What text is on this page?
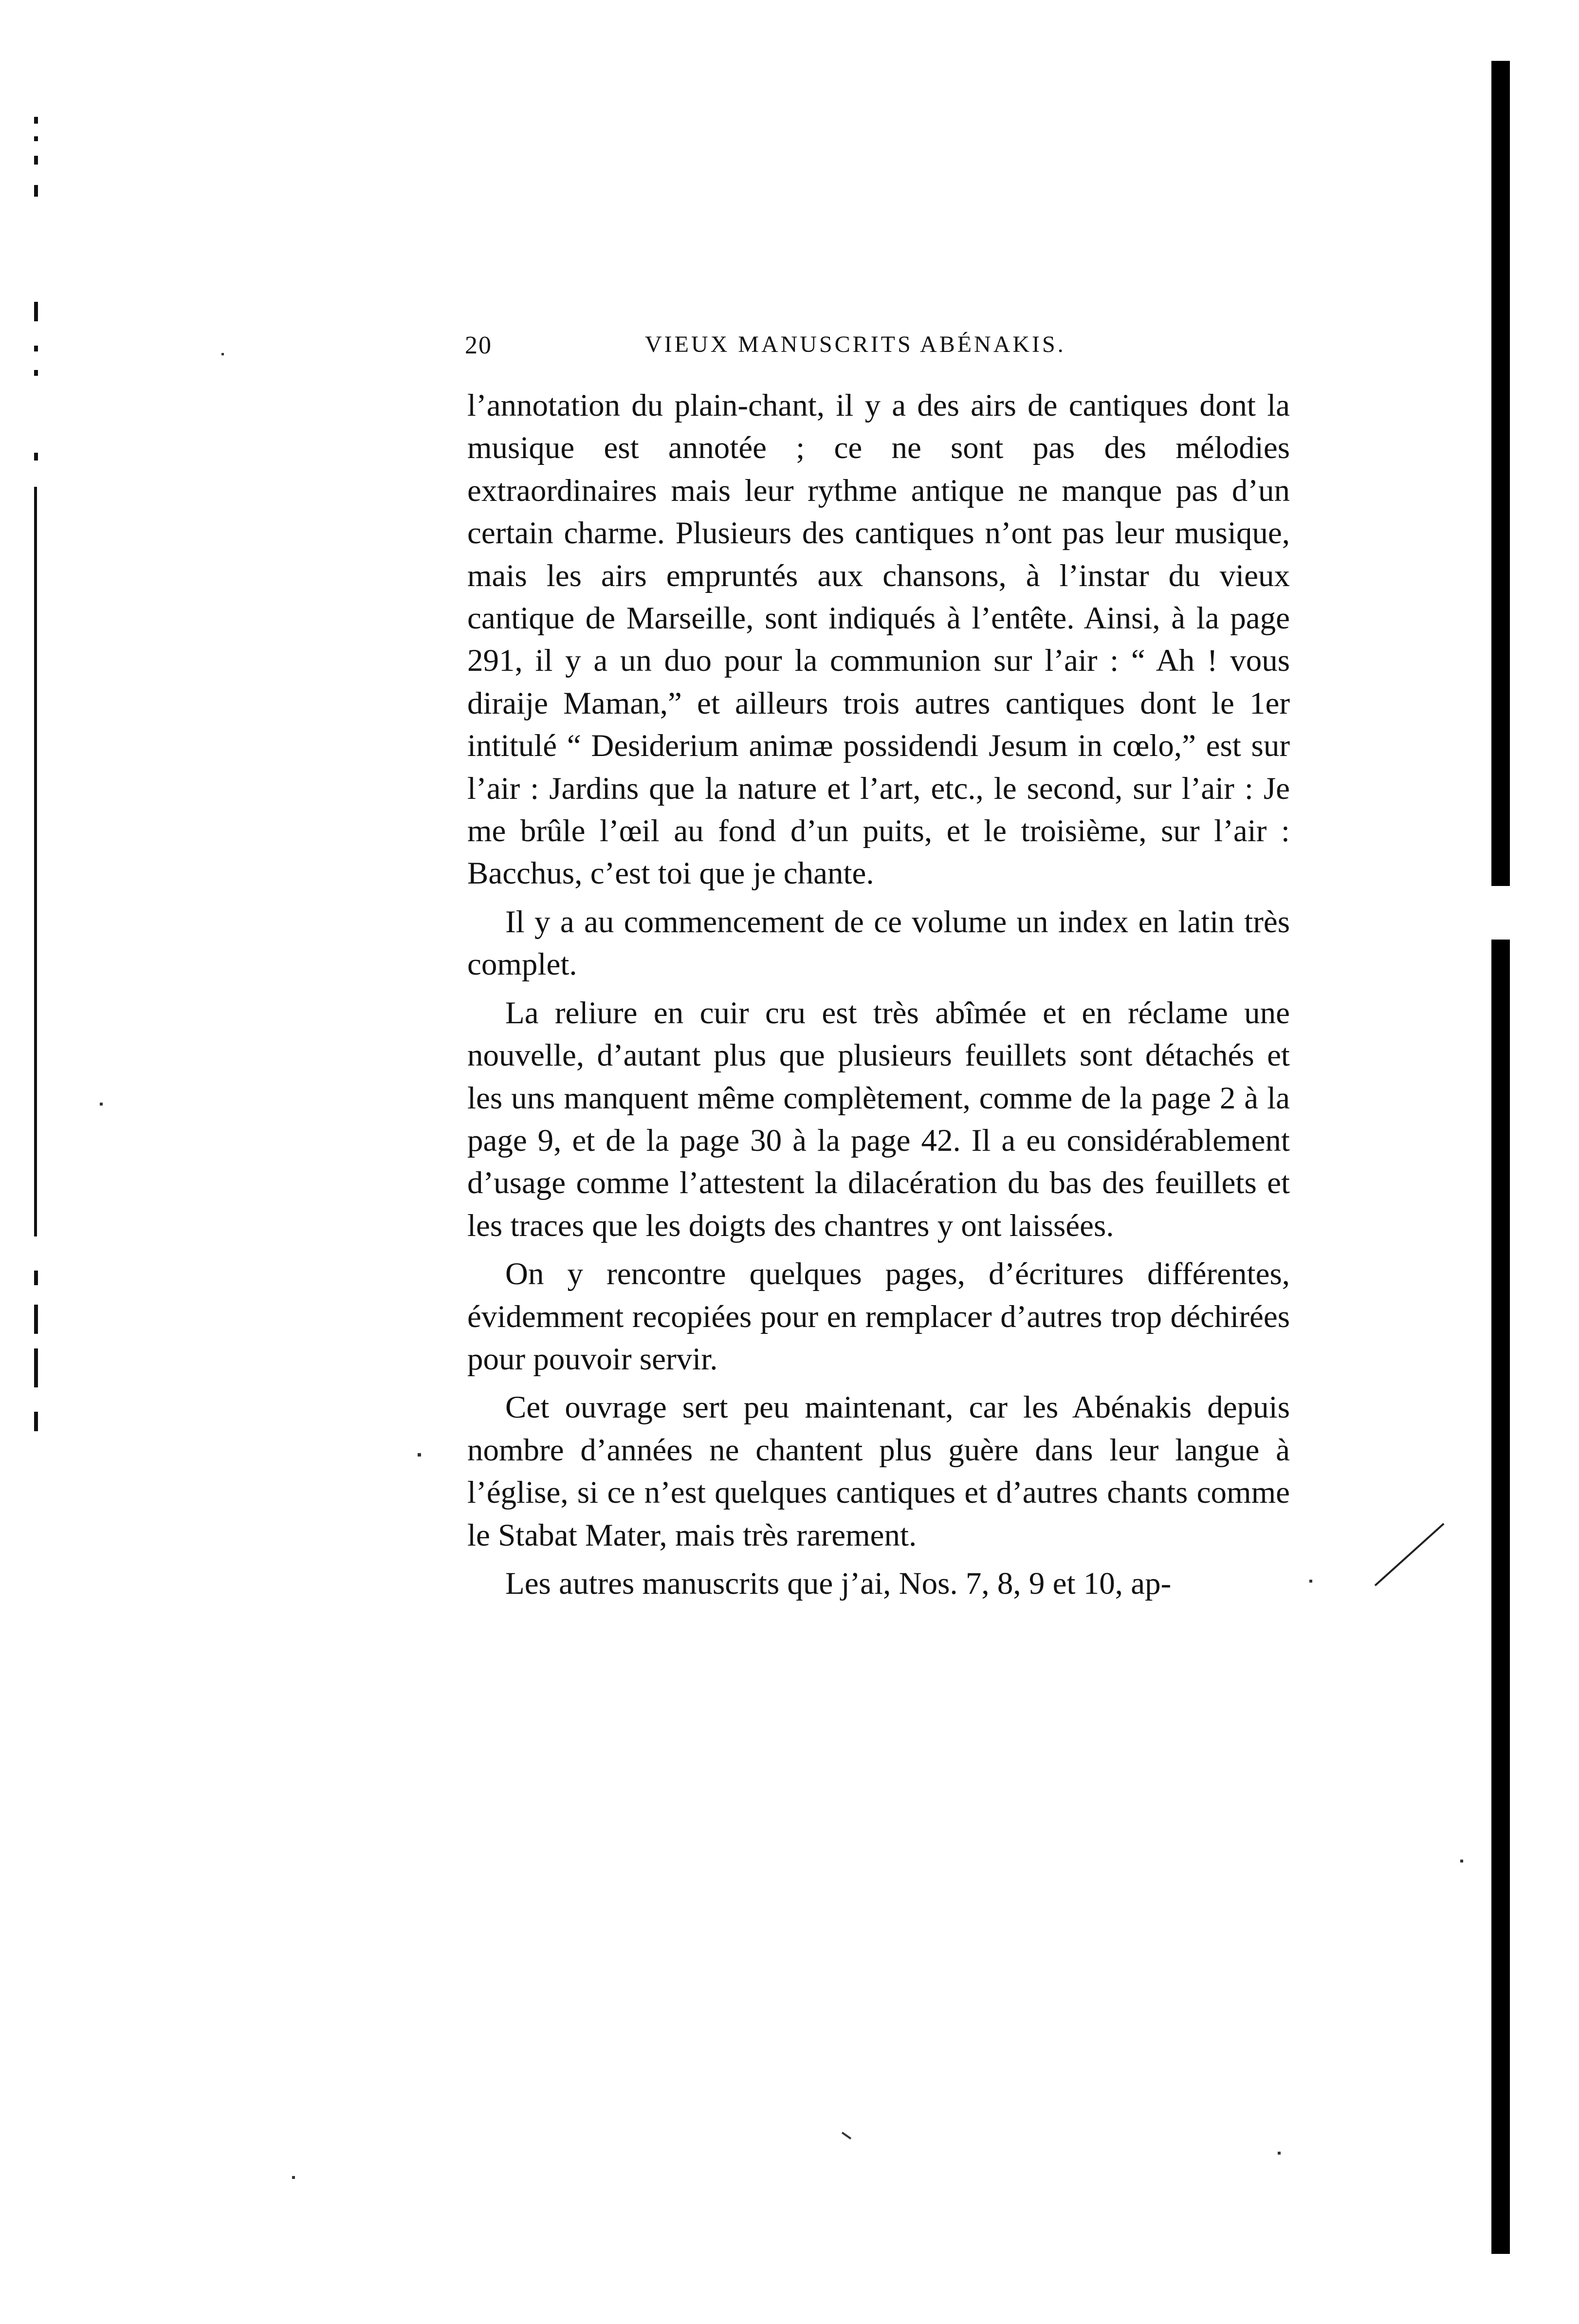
20	VIEUX MANUSCRITS ABÉNAKIS.

l’annotation du plain-chant, il y a des airs de cantiques dont la musique est annotée ; ce ne sont pas des mélodies extraordinaires mais leur rythme antique ne manque pas d’un certain charme. Plusieurs des cantiques n’ont pas leur musique, mais les airs empruntés aux chansons, à l’instar du vieux cantique de Marseille, sont indiqués à l’entête. Ainsi, à la page 291, il y a un duo pour la communion sur l’air : “ Ah ! vous diraije Maman,” et ailleurs trois autres cantiques dont le 1er intitulé “ Desiderium animæ possidendi Jesum in cœlo,” est sur l’air : Jardins que la nature et l’art, etc., le second, sur l’air : Je me brûle l’œil au fond d’un puits, et le troisième, sur l’air : Bacchus, c’est toi que je chante.

Il y a au commencement de ce volume un index en latin très complet.

La reliure en cuir cru est très abîmée et en réclame une nouvelle, d’autant plus que plusieurs feuillets sont détachés et les uns manquent même complètement, comme de la page 2 à la page 9, et de la page 30 à la page 42. Il a eu considérablement d’usage comme l’attestent la dilacération du bas des feuillets et les traces que les doigts des chantres y ont laissées.

On y rencontre quelques pages, d’écritures différentes, évidemment recopiées pour en remplacer d’autres trop déchirées pour pouvoir servir.

Cet ouvrage sert peu maintenant, car les Abénakis depuis nombre d’années ne chantent plus guère dans leur langue à l’église, si ce n’est quelques cantiques et d’autres chants comme le Stabat Mater, mais très rarement.

Les autres manuscrits que j’ai, Nos. 7, 8, 9 et 10, ap-
